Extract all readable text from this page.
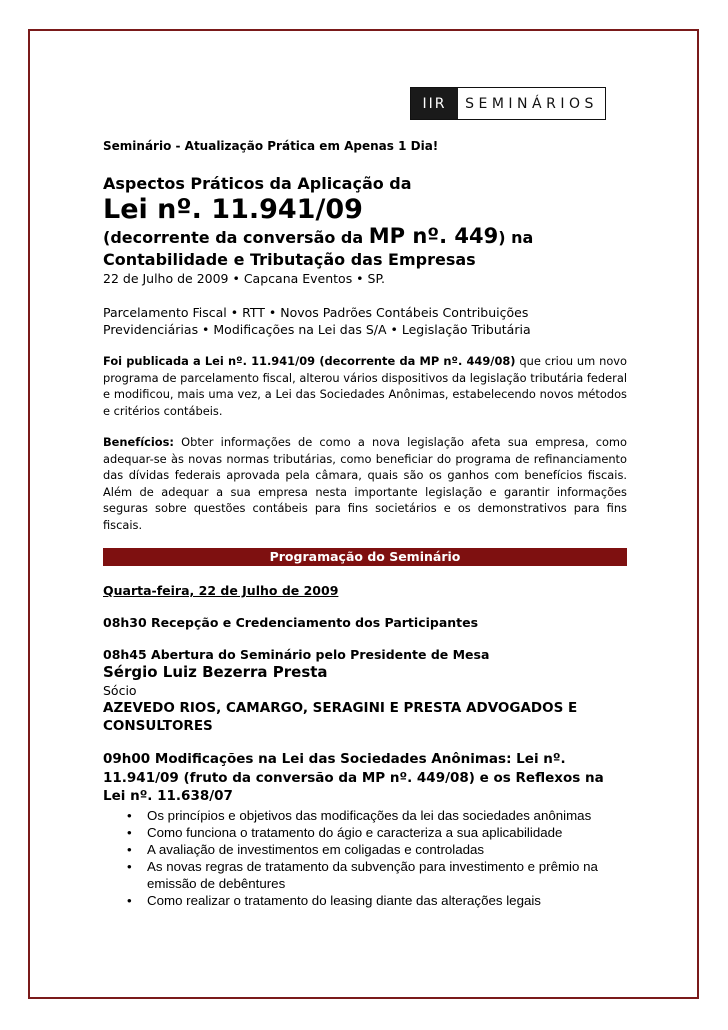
IIR	SEMINÁRIOS
Seminário - Atualização Prática em Apenas 1 Dia!
Aspectos Práticos da Aplicação da
Lei nº. 11.941/09
(decorrente da conversão da MP nº. 449) na
Contabilidade e Tributação das Empresas
22 de Julho de 2009 • Capcana Eventos • SP.
Parcelamento Fiscal • RTT • Novos Padrões Contábeis Contribuições
Previdenciárias • Modificações na Lei das S/A • Legislação Tributária

Foi publicada a Lei nº. 11.941/09 (decorrente da MP nº. 449/08) que criou um novo programa de parcelamento fiscal, alterou vários dispositivos da legislação tributária federal e modificou, mais uma vez, a Lei das Sociedades Anônimas, estabelecendo novos métodos e critérios contábeis.

Benefícios: Obter informações de como a nova legislação afeta sua empresa, como adequar-se às novas normas tributárias, como beneficiar do programa de refinanciamento das dívidas federais aprovada pela câmara, quais são os ganhos com benefícios fiscais. Além de adequar a sua empresa nesta importante legislação e garantir informações seguras sobre questões contábeis para fins societários e os demonstrativos para fins fiscais.

Programação do Seminário
Quarta-feira, 22 de Julho de 2009
08h30 Recepção e Credenciamento dos Participantes
08h45 Abertura do Seminário pelo Presidente de Mesa
Sérgio Luiz Bezerra Presta
Sócio
AZEVEDO RIOS, CAMARGO, SERAGINI E PRESTA ADVOGADOS E CONSULTORES
09h00 Modificações na Lei das Sociedades Anônimas: Lei nº. 11.941/09 (fruto da conversão da MP nº. 449/08) e os Reflexos na Lei nº. 11.638/07
• Os princípios e objetivos das modificações da lei das sociedades anônimas
• Como funciona o tratamento do ágio e caracteriza a sua aplicabilidade
• A avaliação de investimentos em coligadas e controladas
• As novas regras de tratamento da subvenção para investimento e prêmio na emissão de debêntures
• Como realizar o tratamento do leasing diante das alterações legais
